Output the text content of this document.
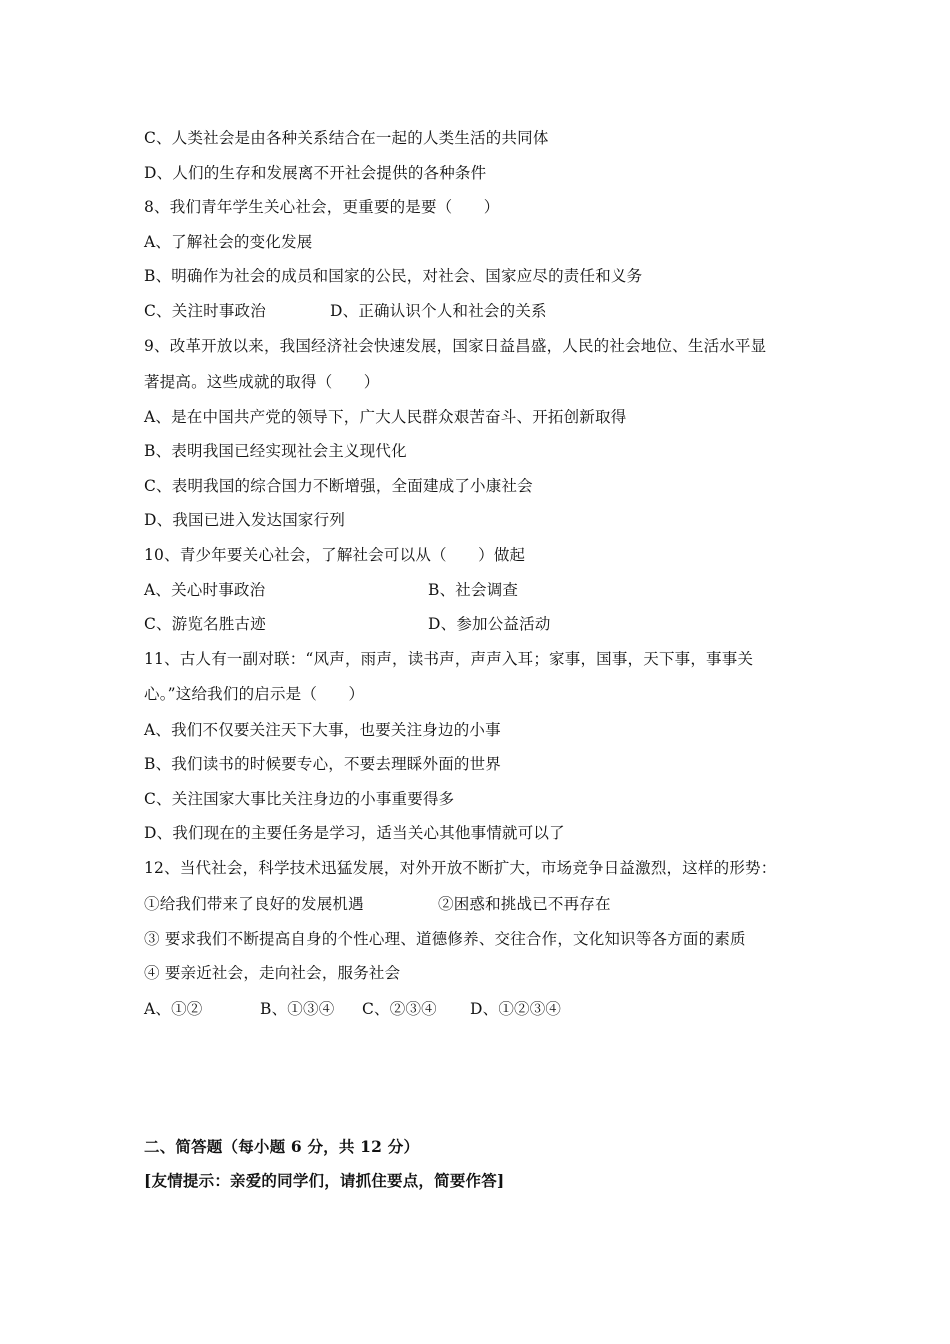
C、人类社会是由各种关系结合在一起的人类生活的共同体
D、人们的生存和发展离不开社会提供的各种条件
8、我们青年学生关心社会，更重要的是要（　　）
A、了解社会的变化发展
B、明确作为社会的成员和国家的公民，对社会、国家应尽的责任和义务
C、关注时事政治	D、正确认识个人和社会的关系
9、改革开放以来，我国经济社会快速发展，国家日益昌盛，人民的社会地位、生活水平显
著提高。这些成就的取得（　　）
A、是在中国共产党的领导下，广大人民群众艰苦奋斗、开拓创新取得
B、表明我国已经实现社会主义现代化
C、表明我国的综合国力不断增强，全面建成了小康社会
D、我国已进入发达国家行列
10、青少年要关心社会，了解社会可以从（　　）做起
A、关心时事政治	B、社会调查
C、游览名胜古迹	D、参加公益活动
11、古人有一副对联：“风声，雨声，读书声，声声入耳；家事，国事，天下事，事事关
心。”这给我们的启示是（　　）
A、我们不仅要关注天下大事，也要关注身边的小事
B、我们读书的时候要专心，不要去理睬外面的世界
C、关注国家大事比关注身边的小事重要得多
D、我们现在的主要任务是学习，适当关心其他事情就可以了
12、当代社会，科学技术迅猛发展，对外开放不断扩大，市场竞争日益激烈，这样的形势：
①给我们带来了良好的发展机遇	②困惑和挑战已不再存在
③ 要求我们不断提高自身的个性心理、道德修养、交往合作，文化知识等各方面的素质
④ 要亲近社会，走向社会，服务社会
A、①②	B、①③④ C、②③④ D、①②③④
二、简答题（每小题 6 分，共 12 分）
[友情提示：亲爱的同学们，请抓住要点，简要作答]
